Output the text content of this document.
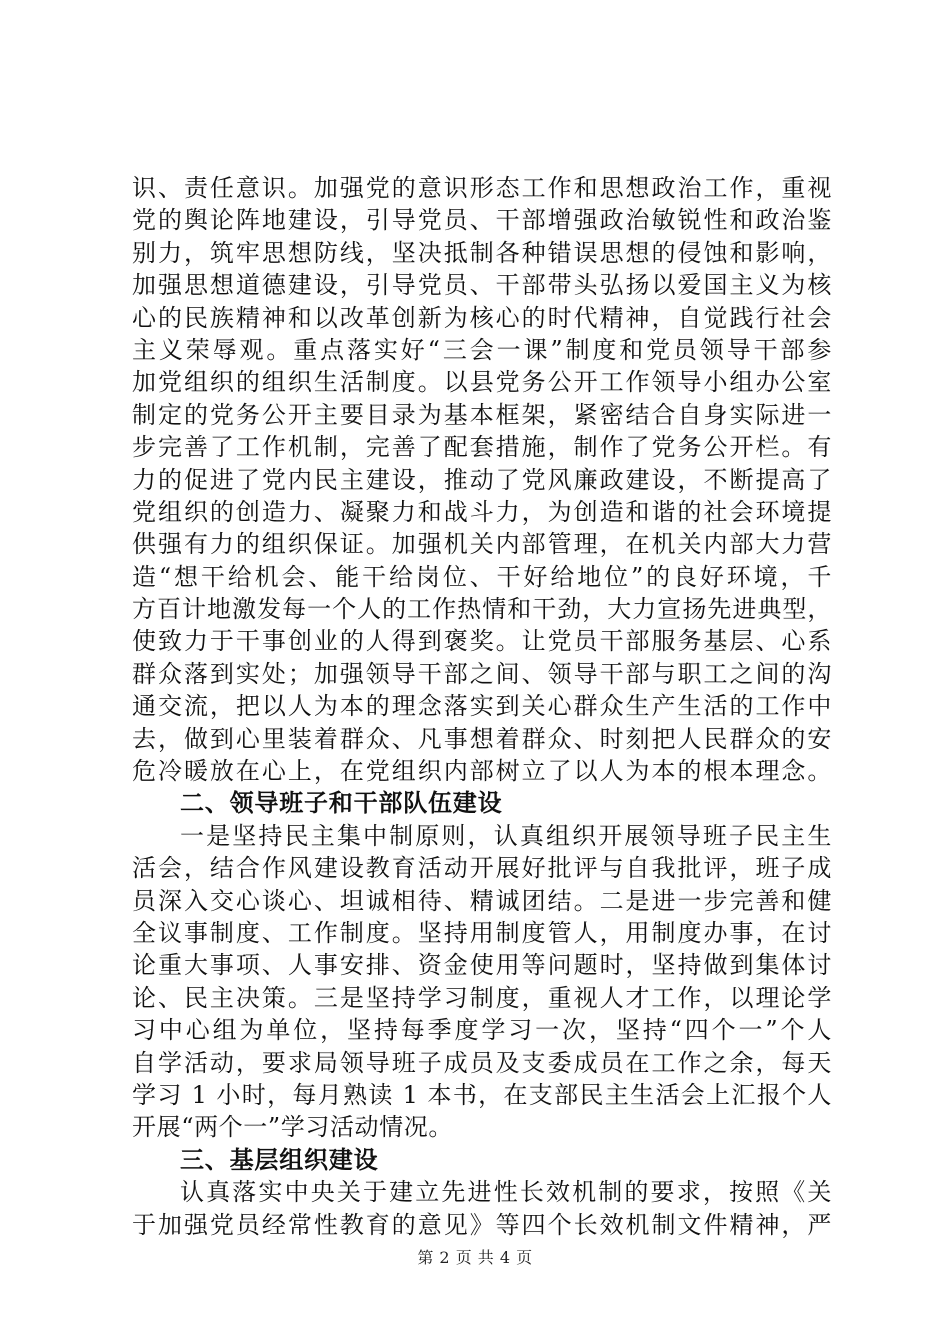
识、责任意识。加强党的意识形态工作和思想政治工作，重视
党的舆论阵地建设，引导党员、干部增强政治敏锐性和政治鉴
别力，筑牢思想防线，坚决抵制各种错误思想的侵蚀和影响，
加强思想道德建设，引导党员、干部带头弘扬以爱国主义为核
心的民族精神和以改革创新为核心的时代精神，自觉践行社会
主义荣辱观。重点落实好“三会一课”制度和党员领导干部参
加党组织的组织生活制度。以县党务公开工作领导小组办公室
制定的党务公开主要目录为基本框架，紧密结合自身实际进一
步完善了工作机制，完善了配套措施，制作了党务公开栏。有
力的促进了党内民主建设，推动了党风廉政建设，不断提高了
党组织的创造力、凝聚力和战斗力，为创造和谐的社会环境提
供强有力的组织保证。加强机关内部管理，在机关内部大力营
造“想干给机会、能干给岗位、干好给地位”的良好环境，千
方百计地激发每一个人的工作热情和干劲，大力宣扬先进典型，
使致力于干事创业的人得到褒奖。让党员干部服务基层、心系
群众落到实处；加强领导干部之间、领导干部与职工之间的沟
通交流，把以人为本的理念落实到关心群众生产生活的工作中
去，做到心里装着群众、凡事想着群众、时刻把人民群众的安
危冷暖放在心上，在党组织内部树立了以人为本的根本理念。
二、领导班子和干部队伍建设
一是坚持民主集中制原则，认真组织开展领导班子民主生
活会，结合作风建设教育活动开展好批评与自我批评，班子成
员深入交心谈心、坦诚相待、精诚团结。二是进一步完善和健
全议事制度、工作制度。坚持用制度管人，用制度办事，在讨
论重大事项、人事安排、资金使用等问题时，坚持做到集体讨
论、民主决策。三是坚持学习制度，重视人才工作，以理论学
习中心组为单位，坚持每季度学习一次，坚持“四个一”个人
自学活动，要求局领导班子成员及支委成员在工作之余，每天
学习 1 小时，每月熟读 1 本书，在支部民主生活会上汇报个人
开展“两个一”学习活动情况。
三、基层组织建设
认真落实中央关于建立先进性长效机制的要求，按照《关
于加强党员经常性教育的意见》等四个长效机制文件精神，严
第 2 页 共 4 页
